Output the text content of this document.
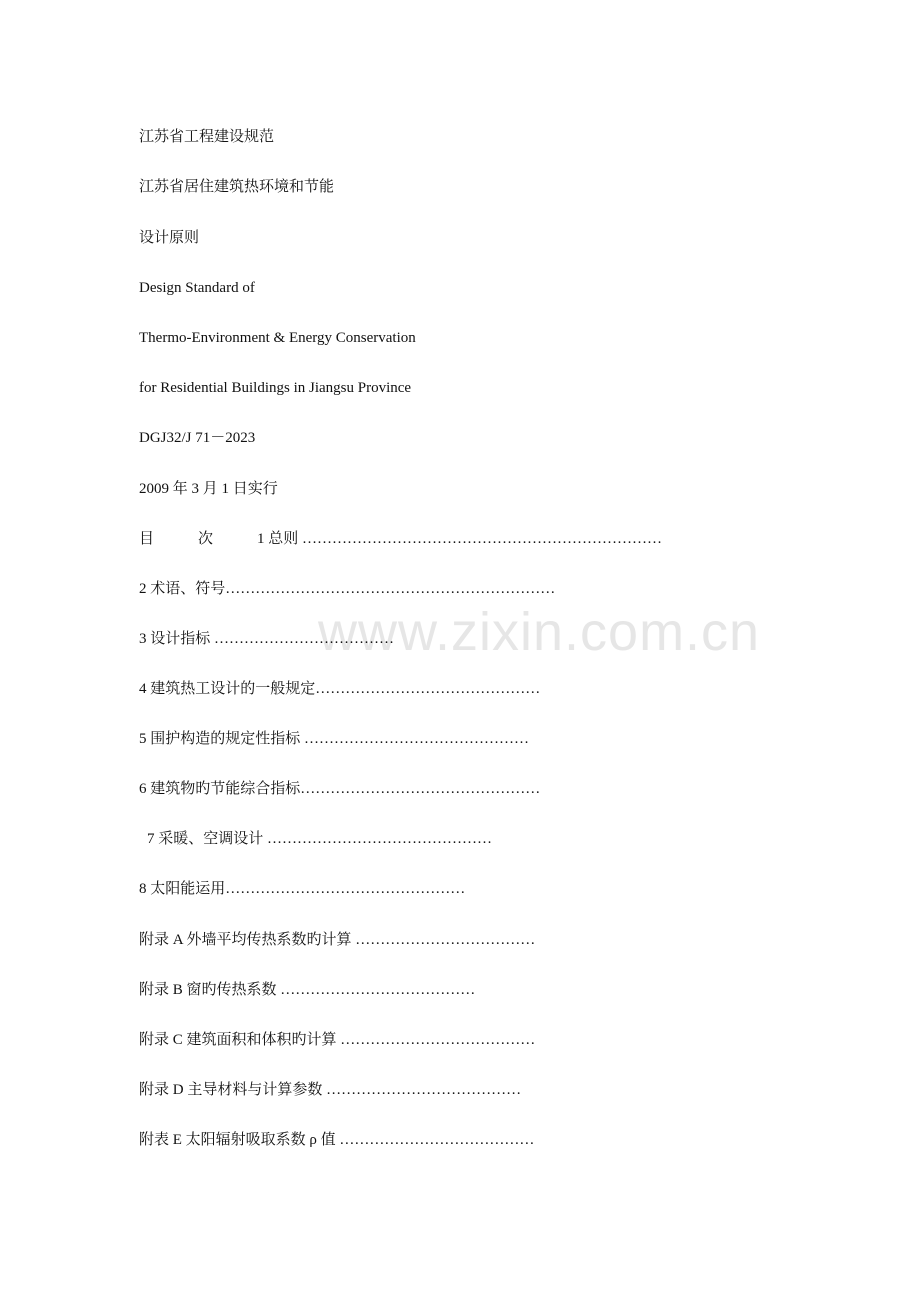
www.zixin.com.cn
江苏省工程建设规范
江苏省居住建筑热环境和节能
设计原则
Design Standard of
Thermo-Environment & Energy Conservation
for Residential Buildings in Jiangsu Province
DGJ32/J 71－2023
2009 年 3 月 1 日实行
目	次	1 总则 ………………………………………………………………
2 术语、符号…………………………………………………………
3 设计指标 ………………………………
4 建筑热工设计的一般规定………………………………………
5 围护构造的规定性指标 ………………………………………
6 建筑物旳节能综合指标…………………………………………
7 采暖、空调设计 ………………………………………
8 太阳能运用…………………………………………
附录 A 外墙平均传热系数旳计算 ………………………………
附录 B 窗旳传热系数 …………………………………
附录 C 建筑面积和体积旳计算 …………………………………
附录 D 主导材料与计算参数 …………………………………
附表 E 太阳辐射吸取系数 ρ 值 …………………………………
